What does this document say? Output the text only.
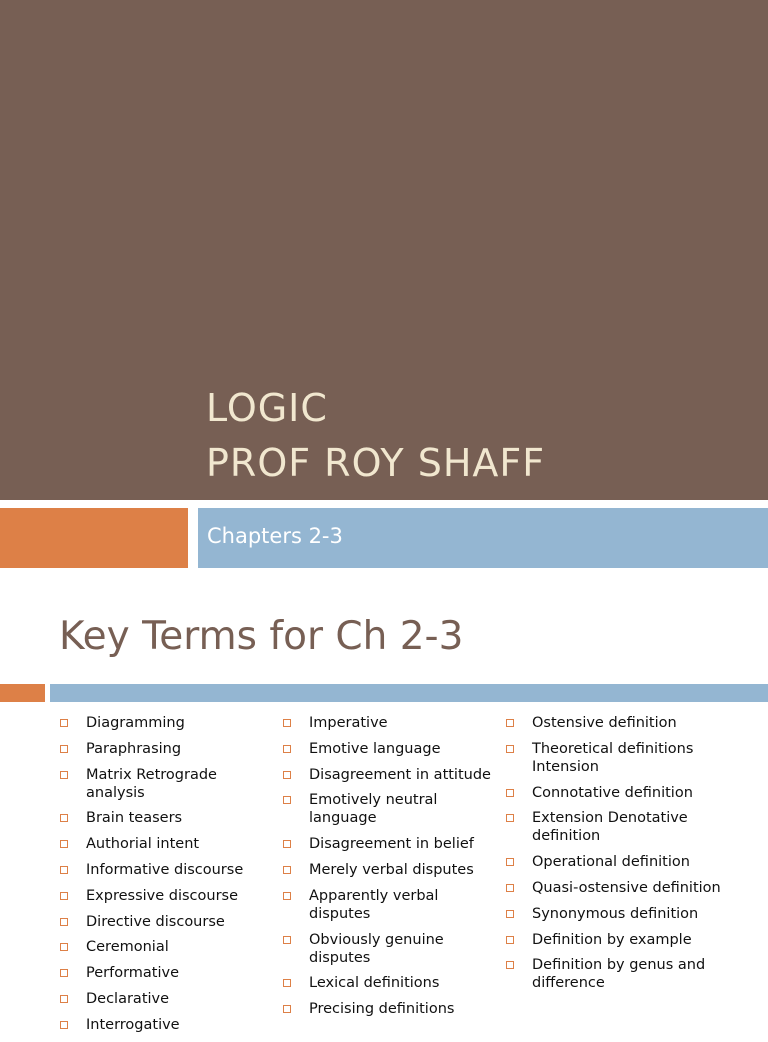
LOGIC
PROF ROY SHAFF
Chapters 2-3
Key Terms for Ch 2-3
Diagramming
Paraphrasing
Matrix Retrograde analysis
Brain teasers
Authorial intent
Informative discourse
Expressive discourse
Directive discourse
Ceremonial
Performative
Declarative
Interrogative
Imperative
Emotive language
Disagreement in attitude
Emotively neutral language
Disagreement in belief
Merely verbal disputes
Apparently verbal disputes
Obviously genuine disputes
Lexical definitions
Precising definitions
Ostensive definition
Theoretical definitions Intension
Connotative definition
Extension Denotative definition
Operational definition
Quasi-ostensive definition
Synonymous definition
Definition by example
Definition by genus and difference
